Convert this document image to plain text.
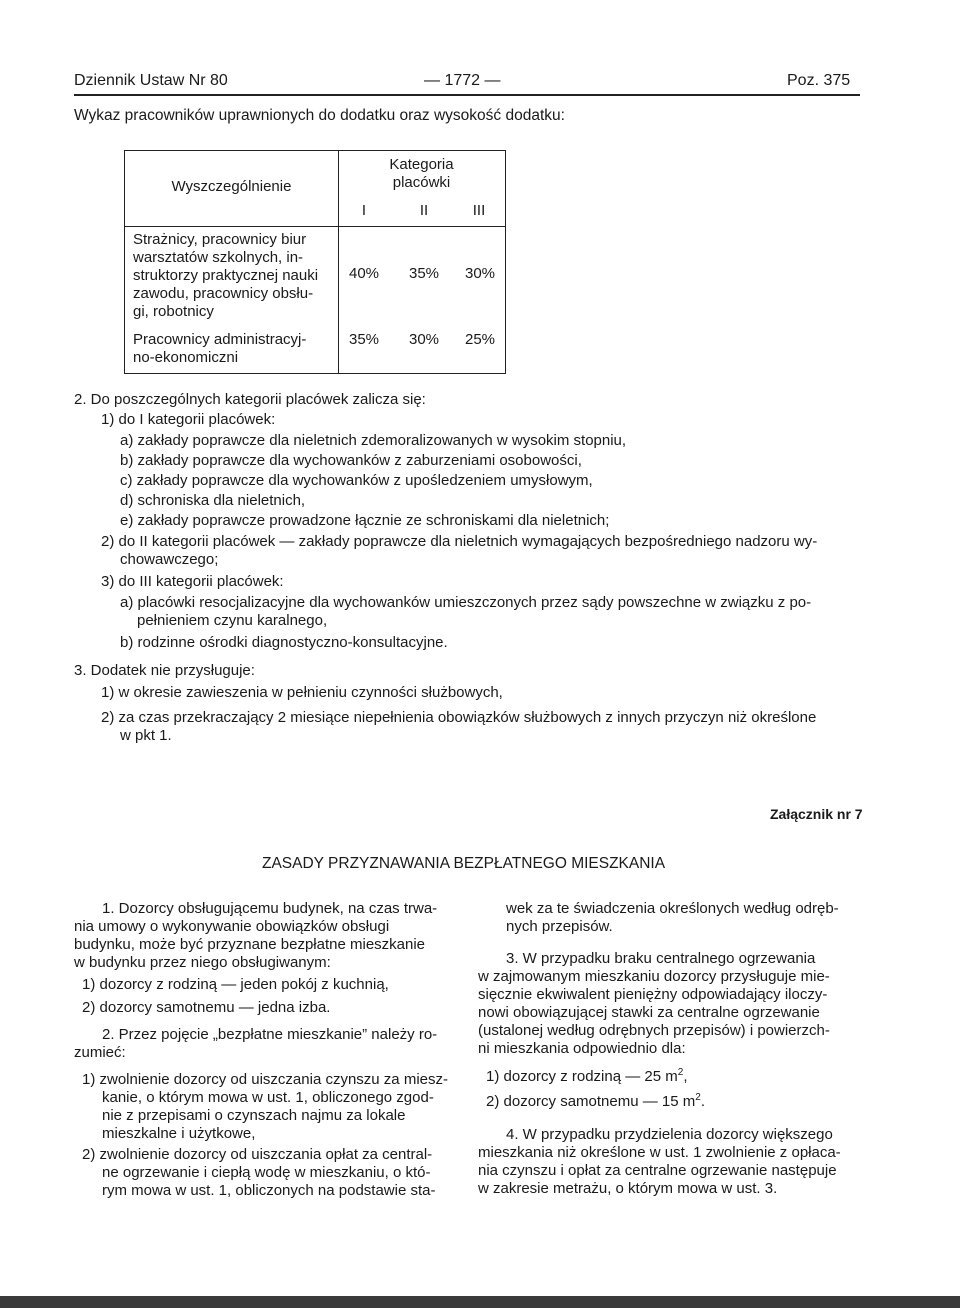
Dziennik Ustaw Nr 80	— 1772 —	Poz. 375
Wykaz pracowników uprawnionych do dodatku oraz wysokość dodatku:
Wyszczególnienie
Kategoria
placówki
I	II	III
Strażnicy, pracownicy biur
warsztatów szkolnych, in-
struktorzy praktycznej nauki
zawodu, pracownicy obsłu-
gi, robotnicy
40%	35%	30%
Pracownicy administracyj-
no-ekonomiczni
35%	30%	25%
2. Do poszczególnych kategorii placówek zalicza się:
1) do I kategorii placówek:
a) zakłady poprawcze dla nieletnich zdemoralizowanych w wysokim stopniu,
b) zakłady poprawcze dla wychowanków z zaburzeniami osobowości,
c) zakłady poprawcze dla wychowanków z upośledzeniem umysłowym,
d) schroniska dla nieletnich,
e) zakłady poprawcze prowadzone łącznie ze schroniskami dla nieletnich;
2) do II kategorii placówek — zakłady poprawcze dla nieletnich wymagających bezpośredniego nadzoru wy-
chowawczego;
3) do III kategorii placówek:
a) placówki resocjalizacyjne dla wychowanków umieszczonych przez sądy powszechne w związku z po-
pełnieniem czynu karalnego,
b) rodzinne ośrodki diagnostyczno-konsultacyjne.
3. Dodatek nie przysługuje:
1) w okresie zawieszenia w pełnieniu czynności służbowych,
2) za czas przekraczający 2 miesiące niepełnienia obowiązków służbowych z innych przyczyn niż określone
w pkt 1.
Załącznik nr 7
ZASADY PRZYZNAWANIA BEZPŁATNEGO MIESZKANIA
1. Dozorcy obsługującemu budynek, na czas trwa-
nia umowy o wykonywanie obowiązków obsługi
budynku, może być przyznane bezpłatne mieszkanie
w budynku przez niego obsługiwanym:
1) dozorcy z rodziną — jeden pokój z kuchnią,
2) dozorcy samotnemu — jedna izba.
2. Przez pojęcie „bezpłatne mieszkanie” należy ro-
zumieć:
1) zwolnienie dozorcy od uiszczania czynszu za miesz-
kanie, o którym mowa w ust. 1, obliczonego zgod-
nie z przepisami o czynszach najmu za lokale
mieszkalne i użytkowe,
2) zwolnienie dozorcy od uiszczania opłat za central-
ne ogrzewanie i ciepłą wodę w mieszkaniu, o któ-
rym mowa w ust. 1, obliczonych na podstawie sta-
wek za te świadczenia określonych według odręb-
nych przepisów.
3. W przypadku braku centralnego ogrzewania
w zajmowanym mieszkaniu dozorcy przysługuje mie-
sięcznie ekwiwalent pieniężny odpowiadający iloczy-
nowi obowiązującej stawki za centralne ogrzewanie
(ustalonej według odrębnych przepisów) i powierzch-
ni mieszkania odpowiednio dla:
1) dozorcy z rodziną — 25 $m^2$,
2) dozorcy samotnemu — 15 $m^2$.
4. W przypadku przydzielenia dozorcy większego
mieszkania niż określone w ust. 1 zwolnienie z opłaca-
nia czynszu i opłat za centralne ogrzewanie następuje
w zakresie metrażu, o którym mowa w ust. 3.
